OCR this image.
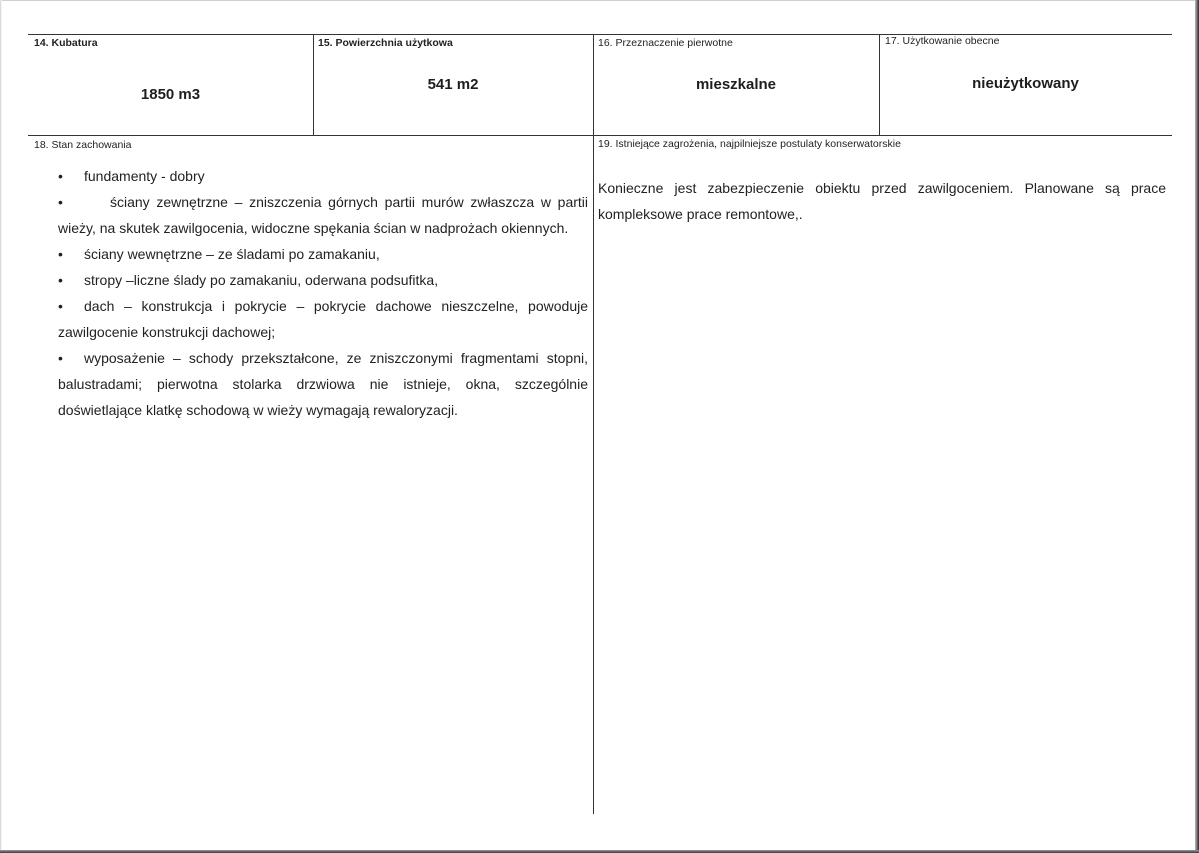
14. Kubatura
1850 m3
15. Powierzchnia użytkowa
541 m2
16. Przeznaczenie pierwotne
mieszkalne
17. Użytkowanie obecne
nieużytkowany
18. Stan zachowania
•	fundamenty - dobry
•	ściany zewnętrzne – zniszczenia górnych partii murów zwłaszcza w partii wieży, na skutek zawilgocenia, widoczne spękania ścian w nadprożach okiennych.
•	ściany wewnętrzne – ze śladami po zamakaniu,
•	stropy –liczne ślady po zamakaniu, oderwana podsufitka,
•	dach – konstrukcja i pokrycie – pokrycie dachowe nieszczelne, powoduje zawilgocenie konstrukcji dachowej;
•	wyposażenie – schody przekształcone, ze zniszczonymi fragmentami stopni, balustradami; pierwotna stolarka drzwiowa nie istnieje, okna, szczególnie doświetlające klatkę schodową w wieży wymagają rewaloryzacji.
19. Istniejące zagrożenia, najpilniejsze postulaty konserwatorskie
Konieczne jest zabezpieczenie obiektu przed zawilgoceniem. Planowane są prace kompleksowe prace remontowe,.
